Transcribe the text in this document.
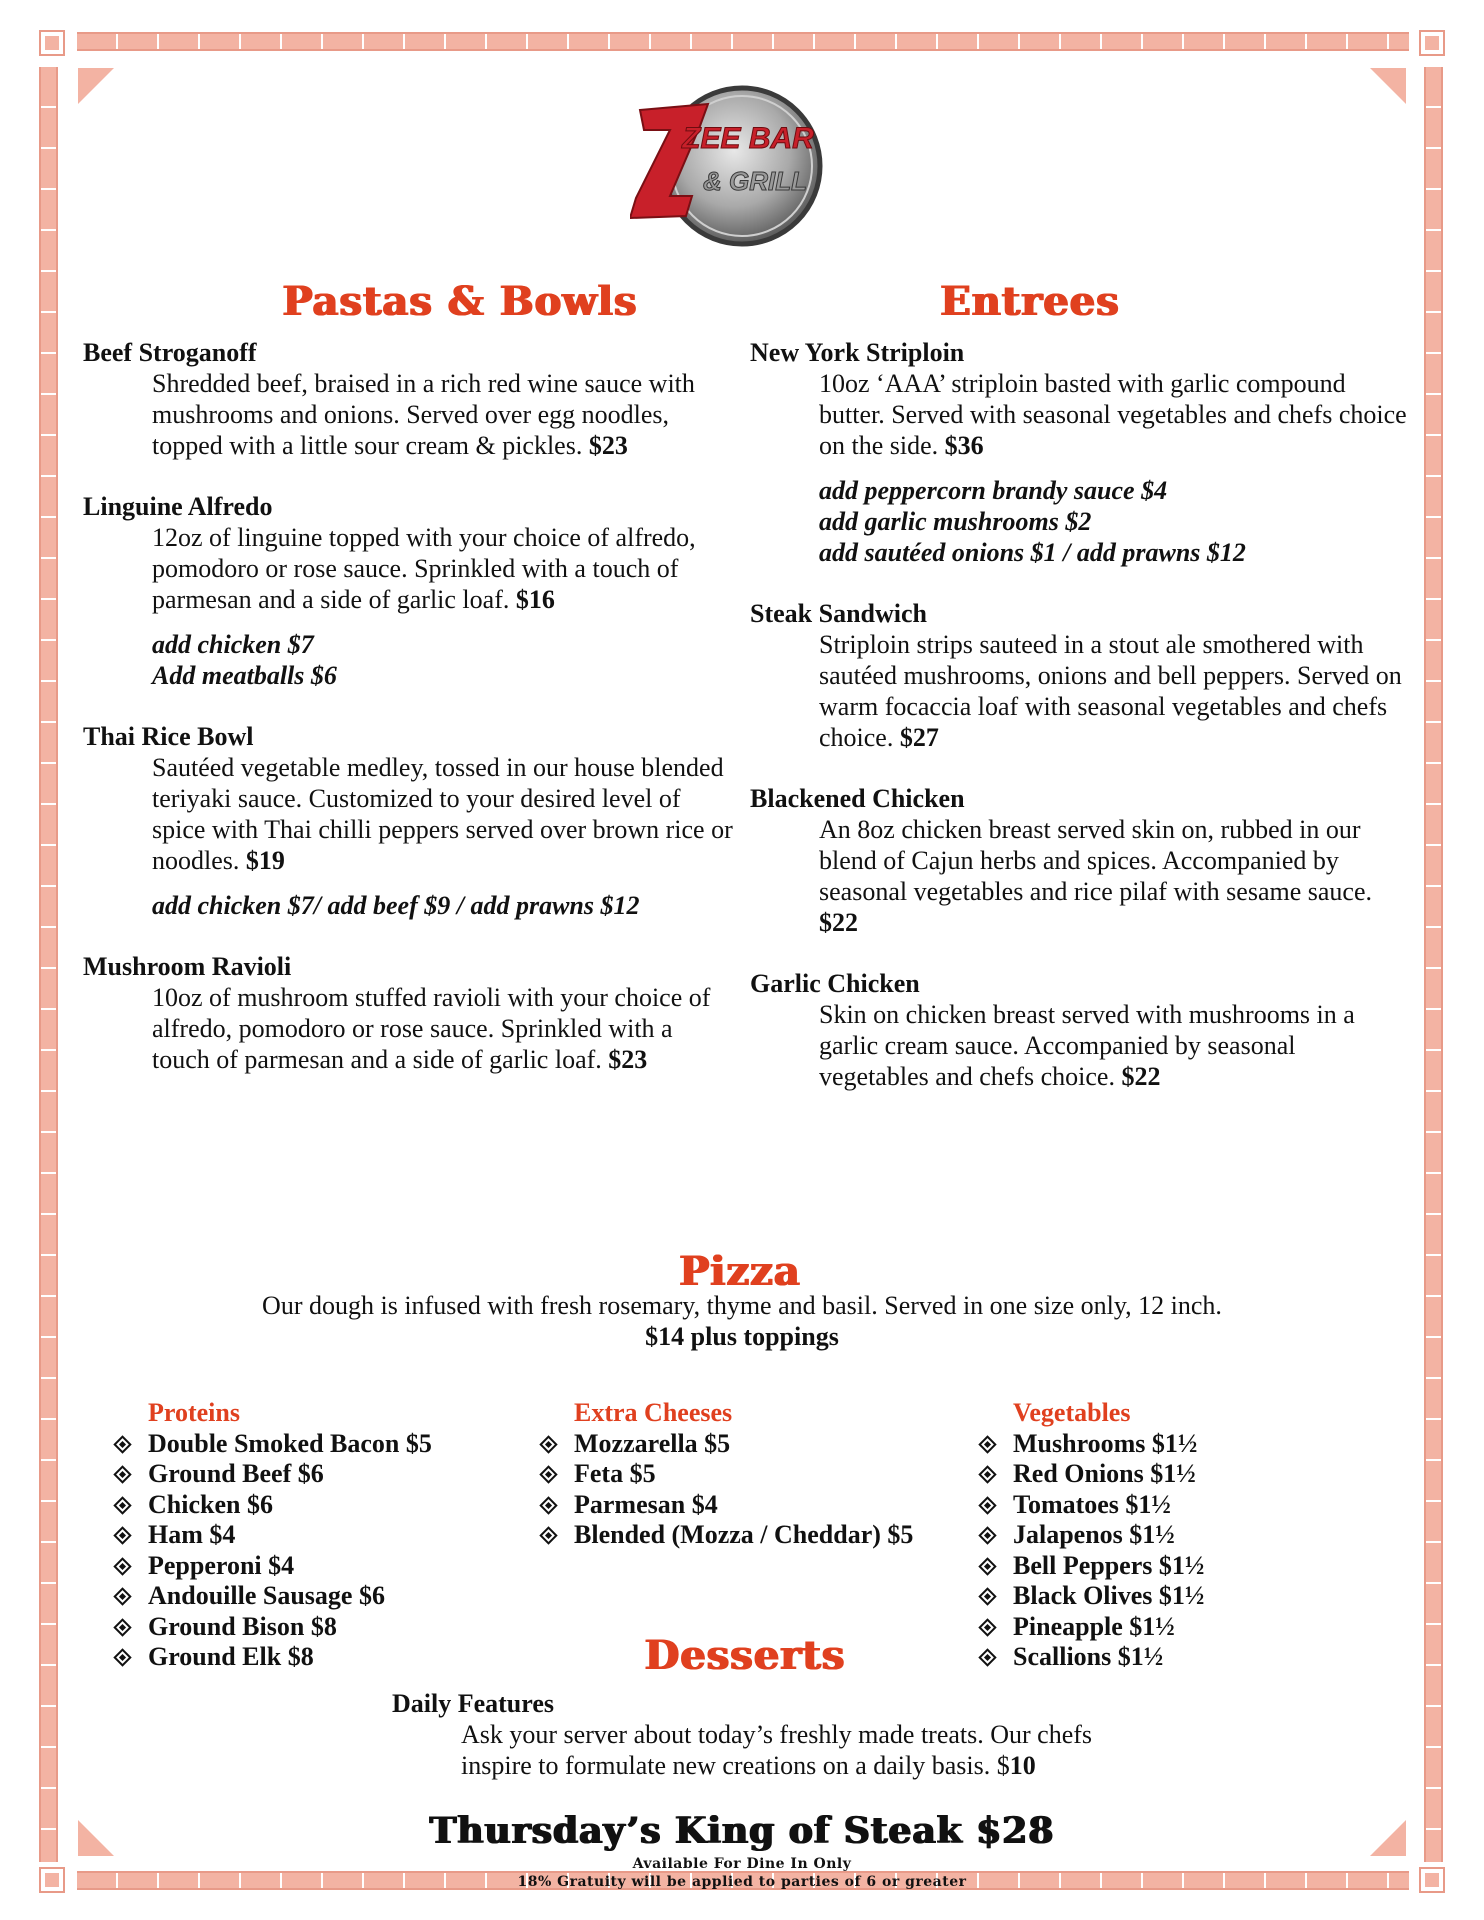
ZEE BAR
& GRILL
Pastas & Bowls	Entrees
Beef Stroganoff
Shredded beef, braised in a rich red wine sauce with mushrooms and onions. Served over egg noodles, topped with a little sour cream & pickles. $23
Linguine Alfredo
12oz of linguine topped with your choice of alfredo, pomodoro or rose sauce. Sprinkled with a touch of parmesan and a side of garlic loaf. $16
add chicken $7
Add meatballs $6
Thai Rice Bowl
Sautéed vegetable medley, tossed in our house blended teriyaki sauce. Customized to your desired level of spice with Thai chilli peppers served over brown rice or noodles. $19
add chicken $7/ add beef $9 / add prawns $12
Mushroom Ravioli
10oz of mushroom stuffed ravioli with your choice of alfredo, pomodoro or rose sauce. Sprinkled with a touch of parmesan and a side of garlic loaf. $23
New York Striploin
10oz ‘AAA’ striploin basted with garlic compound butter. Served with seasonal vegetables and chefs choice on the side. $36
add peppercorn brandy sauce $4
add garlic mushrooms $2
add sautéed onions $1 / add prawns $12
Steak Sandwich
Striploin strips sauteed in a stout ale smothered with sautéed mushrooms, onions and bell peppers. Served on warm focaccia loaf with seasonal vegetables and chefs choice. $27
Blackened Chicken
An 8oz chicken breast served skin on, rubbed in our blend of Cajun herbs and spices. Accompanied by seasonal vegetables and rice pilaf with sesame sauce. $22
Garlic Chicken
Skin on chicken breast served with mushrooms in a garlic cream sauce. Accompanied by seasonal vegetables and chefs choice. $22
Pizza
Our dough is infused with fresh rosemary, thyme and basil. Served in one size only, 12 inch.
$14 plus toppings
Proteins
Double Smoked Bacon $5
Ground Beef $6
Chicken $6
Ham $4
Pepperoni $4
Andouille Sausage $6
Ground Bison $8
Ground Elk $8
Extra Cheeses
Mozzarella $5
Feta $5
Parmesan $4
Blended (Mozza / Cheddar) $5
Vegetables
Mushrooms $1½
Red Onions $1½
Tomatoes $1½
Jalapenos $1½
Bell Peppers $1½
Black Olives $1½
Pineapple $1½
Scallions $1½
Desserts
Daily Features
Ask your server about today’s freshly made treats. Our chefs inspire to formulate new creations on a daily basis. $10
Thursday’s King of Steak $28
Available For Dine In Only
18% Gratuity will be applied to parties of 6 or greater
